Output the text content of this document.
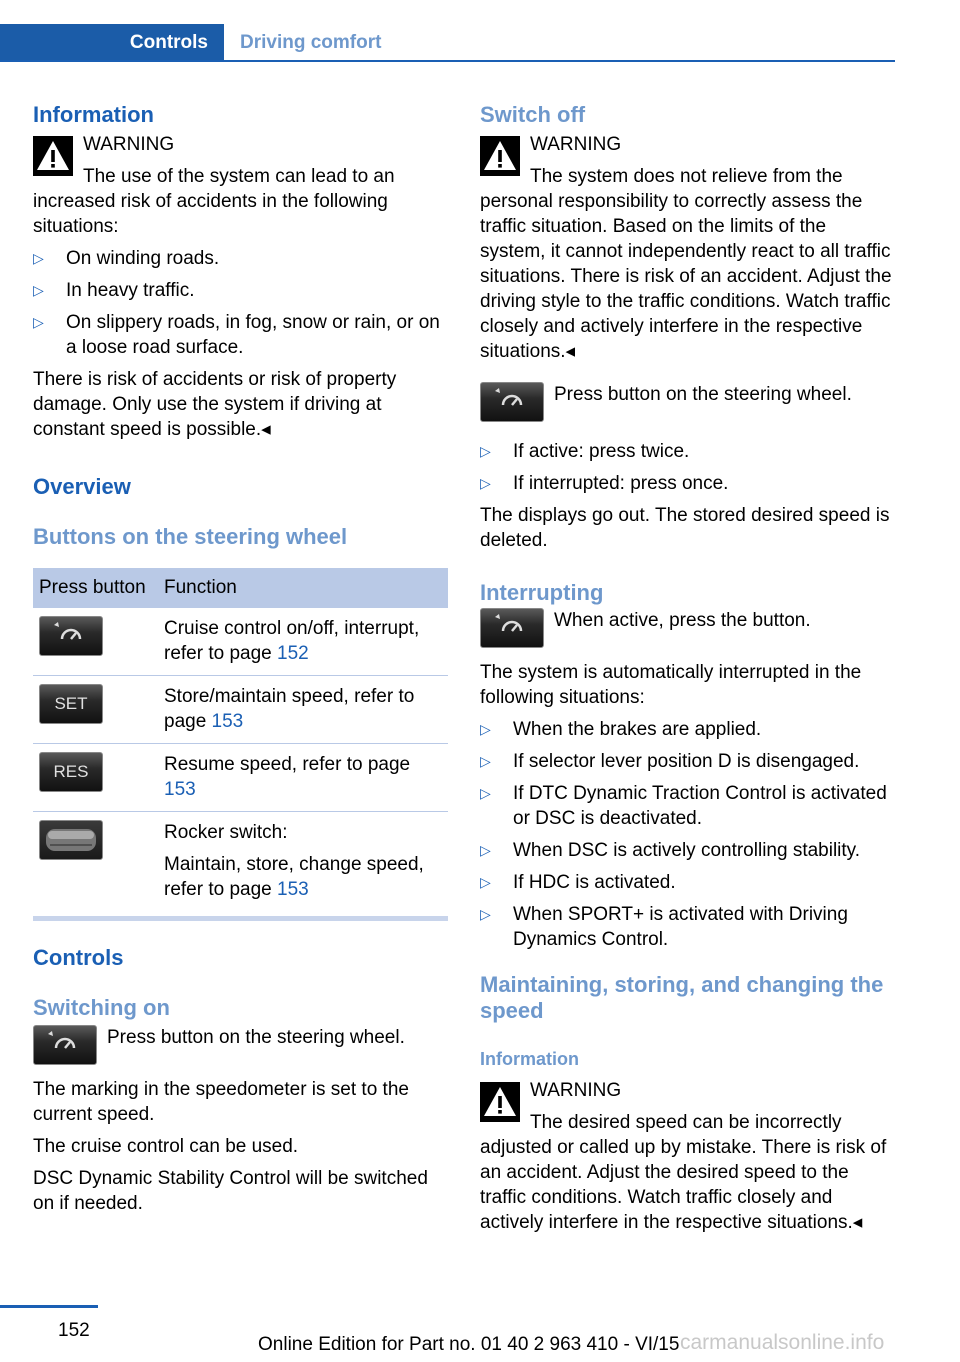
Controls	Driving comfort
Information
WARNING

The use of the system can lead to an increased risk of accidents in the following situations:

▷ On winding roads.
▷ In heavy traffic.
▷ On slippery roads, in fog, snow or rain, or on a loose road surface.

There is risk of accidents or risk of property damage. Only use the system if driving at constant speed is possible.◂

Overview
Buttons on the steering wheel
Press button	Function

	Cruise control on/off, interrupt, refer to page 152

SET	Store/maintain speed, refer to page 153

RES	Resume speed, refer to page 153

Rocker switch:

Maintain, store, change speed, refer to page 153

Controls
Switching on

Press button on the steering wheel.

The marking in the speedometer is set to the current speed.

The cruise control can be used.

DSC Dynamic Stability Control will be switched on if needed.

Switch off
WARNING

The system does not relieve from the personal responsibility to correctly assess the traffic situation. Based on the limits of the system, it cannot independently react to all traffic situations. There is risk of an accident. Adjust the driving style to the traffic conditions. Watch traffic closely and actively interfere in the respective situations.◂

Press button on the steering wheel.

▷ If active: press twice.
▷ If interrupted: press once.

The displays go out. The stored desired speed is deleted.

Interrupting

When active, press the button.

The system is automatically interrupted in the following situations:

▷ When the brakes are applied.
▷ If selector lever position D is disengaged.
▷ If DTC Dynamic Traction Control is activated or DSC is deactivated.
▷ When DSC is actively controlling stability.
▷ If HDC is activated.
▷ When SPORT+ is activated with Driving Dynamics Control.
Maintaining, storing, and changing the speed
Information
WARNING

The desired speed can be incorrectly adjusted or called up by mistake. There is risk of an accident. Adjust the desired speed to the traffic conditions. Watch traffic closely and actively interfere in the respective situations.◂

152
Online Edition for Part no. 01 40 2 963 410 - VI/15 carmanualsonline.info
